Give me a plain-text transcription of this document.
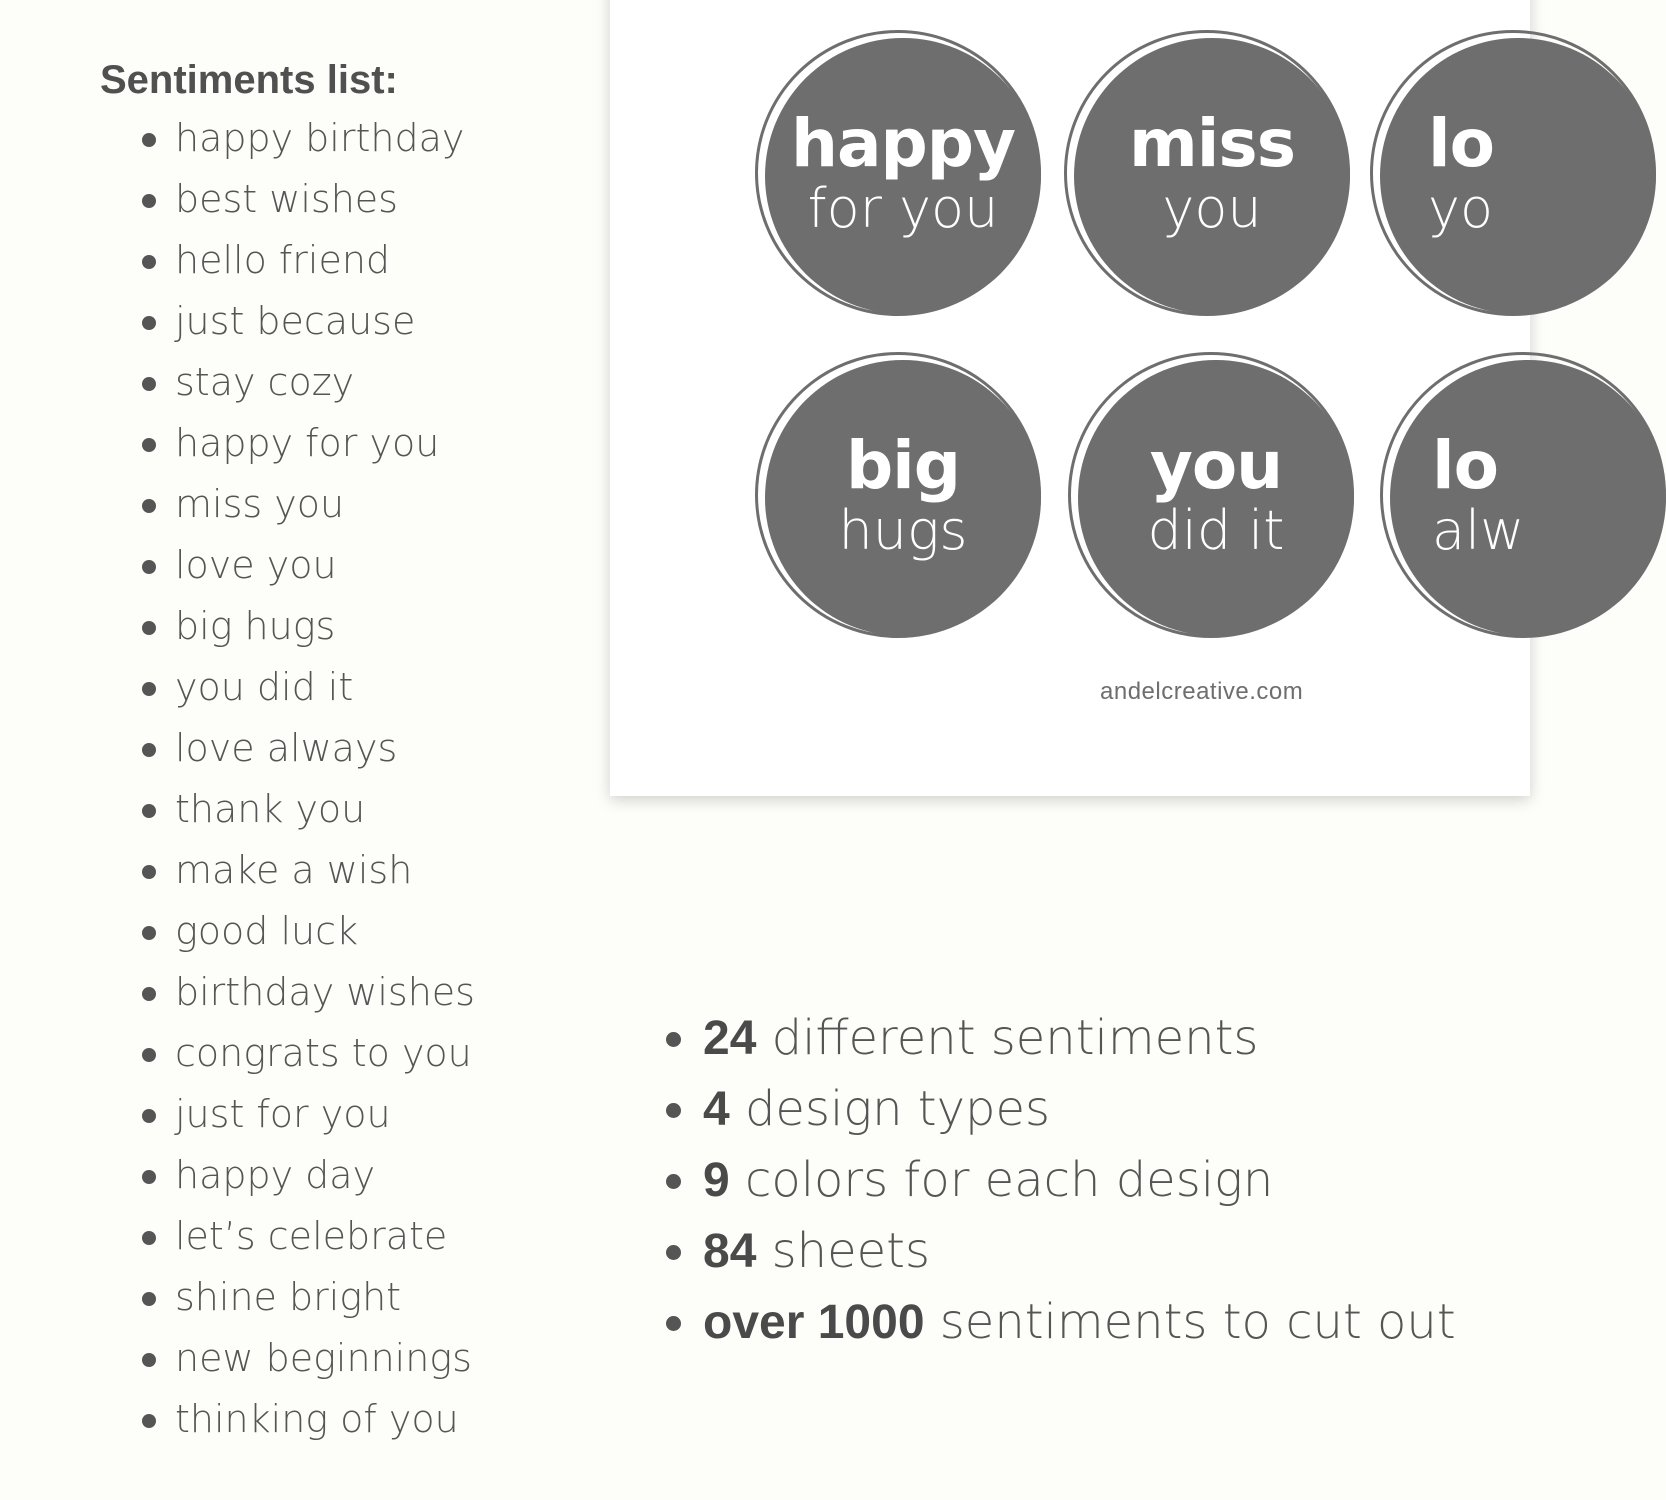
Sentiments list:
happy birthday
best wishes
hello friend
just because
stay cozy
happy for you
miss you
love you
big hugs
you did it
love always
thank you
make a wish
good luck
birthday wishes
congrats to you
just for you
happy day
let’s celebrate
shine bright
new beginnings
thinking of you
happy
for you
miss
you
lo
yo
big
hugs
you
did it
lo
alw
andelcreative.com
24 different sentiments
4 design types
9 colors for each design
84 sheets
over 1000 sentiments to cut out
